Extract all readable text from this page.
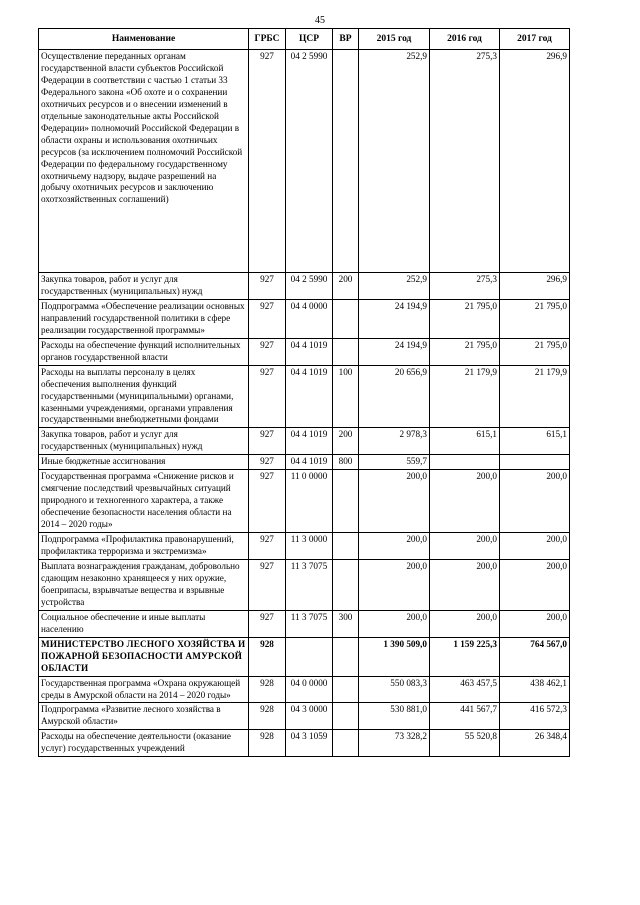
45
Наименование	ГРБС	ЦСР	ВР	2015 год	2016 год	2017 год
Осуществление переданных органам государственной власти субъектов Российской Федерации в соответствии с частью 1 статьи 33 Федерального закона «Об охоте и о сохранении охотничьих ресурсов и о внесении изменений в отдельные законодательные акты Российской Федерации» полномочий Российской Федерации в области охраны и использования охотничьих ресурсов (за исключением полномочий Российской Федерации по федеральному государственному охотничьему надзору, выдаче разрешений на добычу охотничьих ресурсов и заключению охотхозяйственных соглашений)	927	04 2 5990		252,9	275,3	296,9
Закупка товаров, работ и услуг для государственных (муниципальных) нужд	927	04 2 5990	200	252,9	275,3	296,9
Подпрограмма «Обеспечение реализации основных направлений государственной политики в сфере реализации государственной программы»	927	04 4 0000		24 194,9	21 795,0	21 795,0
Расходы на обеспечение функций исполнительных органов государственной власти	927	04 4 1019		24 194,9	21 795,0	21 795,0
Расходы на выплаты персоналу в целях обеспечения выполнения функций государственными (муниципальными) органами, казенными учреждениями, органами управления государственными внебюджетными фондами	927	04 4 1019	100	20 656,9	21 179,9	21 179,9
Закупка товаров, работ и услуг для государственных (муниципальных) нужд	927	04 4 1019	200	2 978,3	615,1	615,1
Иные бюджетные ассигнования	927	04 4 1019	800	559,7		
Государственная программа «Снижение рисков и смягчение последствий чрезвычайных ситуаций природного и техногенного характера, а также обеспечение безопасности населения области на 2014 – 2020 годы»	927	11 0 0000		200,0	200,0	200,0
Подпрограмма «Профилактика правонарушений, профилактика терроризма и экстремизма»	927	11 3 0000		200,0	200,0	200,0
Выплата вознаграждения гражданам, добровольно сдающим незаконно хранящееся у них оружие, боеприпасы, взрывчатые вещества и взрывные устройства	927	11 3 7075		200,0	200,0	200,0
Социальное обеспечение и иные выплаты населению	927	11 3 7075	300	200,0	200,0	200,0
МИНИСТЕРСТВО ЛЕСНОГО ХОЗЯЙСТВА И ПОЖАРНОЙ БЕЗОПАСНОСТИ АМУРСКОЙ ОБЛАСТИ	928			1 390 509,0	1 159 225,3	764 567,0
Государственная программа «Охрана окружающей среды в Амурской области на 2014 – 2020 годы»	928	04 0 0000		550 083,3	463 457,5	438 462,1
Подпрограмма «Развитие лесного хозяйства в Амурской области»	928	04 3 0000		530 881,0	441 567,7	416 572,3
Расходы на обеспечение деятельности (оказание услуг) государственных учреждений	928	04 3 1059		73 328,2	55 520,8	26 348,4
